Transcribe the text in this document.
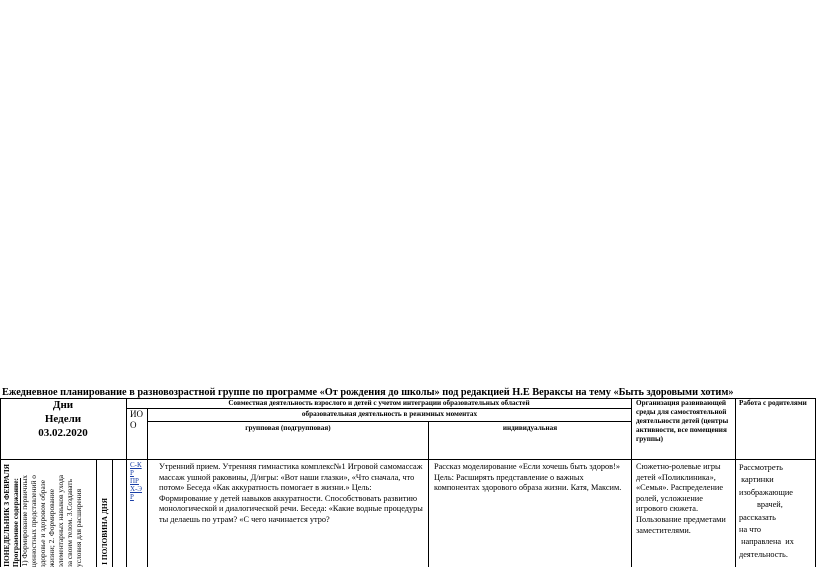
Ежедневное планирование в разновозрастной группе по программе «От рождения до школы» под редакцией Н.Е Вераксы на тему «Быть здоровыми хотим»
Дни
Недели
03.02.2020
Совместная деятельность взрослого и детей с учетом интеграции образовательных областей
ИО
О
образовательная деятельность в режимных моментах
групповая (подгрупповая)	индивидуальная
Организация развивающей среды для самостоятельной деятельности детей (центры активности, все помещения группы)
Работа с родителями
ПОНЕДЕЛЬНИК 3 ФЕВРАЛЯ Программное содержание: 1) Формирование первичных ценностных представлений о здоровье и здоровом образе жизни; 2. Формирование элементарных навыков ухода за своим телом. 3.Создавать условия для расширения I ПОЛОВИНА ДНЯ
С-К Р
ПР
Х-Э
Р
Утренний прием. Утренняя гимнастика комплекс№1 Игровой самомассаж массаж ушной раковины, Д/игры: «Вот наши глазки», «Что сначала, что потом» Беседа «Как аккуратность помогает в жизни.» Цель: Формирование у детей навыков аккуратности. Способствовать развитию монологической и диалогической речи. Беседа: «Какие водные процедуры ты делаешь по утрам? «С чего начинается утро?
Рассказ моделирование «Если хочешь быть здоров!» Цель: Расширять представление о важных компонентах здорового образа жизни. Катя, Максим.
Сюжетно-ролевые игры детей «Поликлиника», «Семья». Распределение ролей, усложнение игрового сюжета. Пользование предметами заместителями.
Рассмотреть
картинки
изображающие
врачей,
рассказать
на что
направлена  их
деятельность.
